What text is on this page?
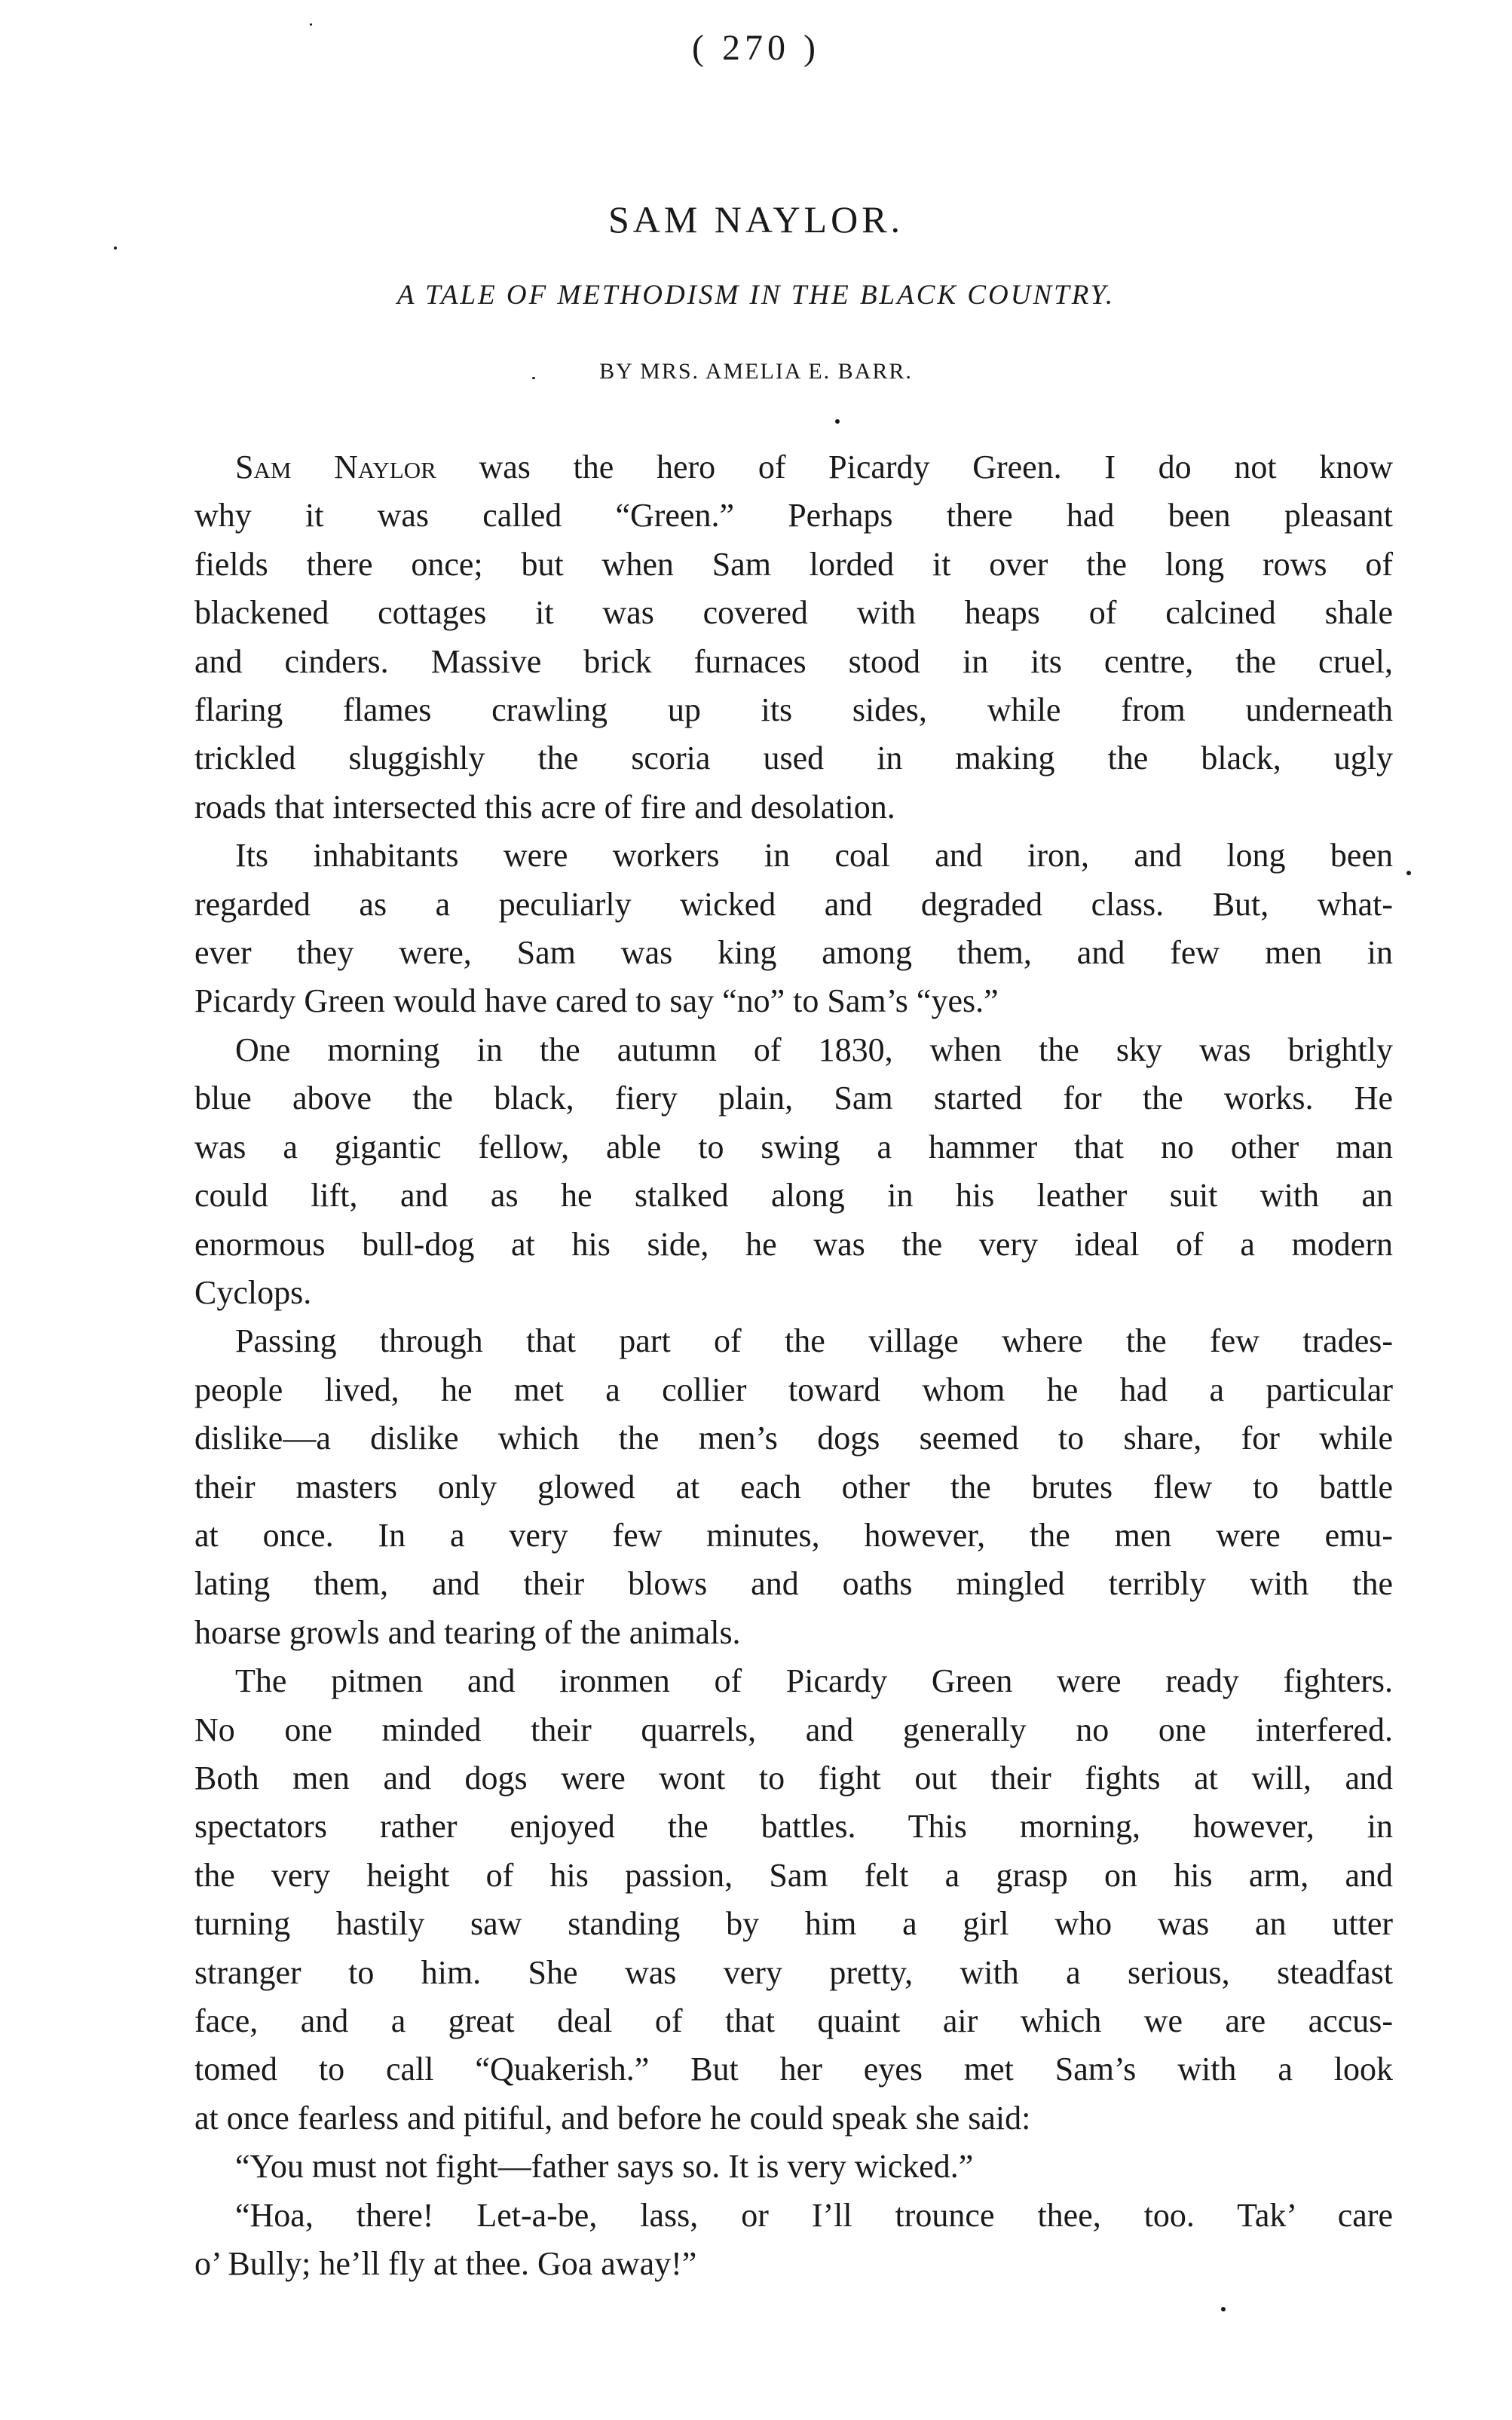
( 270 )
SAM NAYLOR.
A TALE OF METHODISM IN THE BLACK COUNTRY.
BY MRS. AMELIA E. BARR.
Sam Naylor was the hero of Picardy Green. I do not know
why it was called “Green.” Perhaps there had been pleasant
fields there once; but when Sam lorded it over the long rows of
blackened cottages it was covered with heaps of calcined shale
and cinders. Massive brick furnaces stood in its centre, the cruel,
flaring flames crawling up its sides, while from underneath
trickled sluggishly the scoria used in making the black, ugly
roads that intersected this acre of fire and desolation.
Its inhabitants were workers in coal and iron, and long been
regarded as a peculiarly wicked and degraded class. But, what-
ever they were, Sam was king among them, and few men in
Picardy Green would have cared to say “no” to Sam’s “yes.”
One morning in the autumn of 1830, when the sky was brightly
blue above the black, fiery plain, Sam started for the works. He
was a gigantic fellow, able to swing a hammer that no other man
could lift, and as he stalked along in his leather suit with an
enormous bull-dog at his side, he was the very ideal of a modern
Cyclops.
Passing through that part of the village where the few trades-
people lived, he met a collier toward whom he had a particular
dislike—a dislike which the men’s dogs seemed to share, for while
their masters only glowed at each other the brutes flew to battle
at once. In a very few minutes, however, the men were emu-
lating them, and their blows and oaths mingled terribly with the
hoarse growls and tearing of the animals.
The pitmen and ironmen of Picardy Green were ready fighters.
No one minded their quarrels, and generally no one interfered.
Both men and dogs were wont to fight out their fights at will, and
spectators rather enjoyed the battles. This morning, however, in
the very height of his passion, Sam felt a grasp on his arm, and
turning hastily saw standing by him a girl who was an utter
stranger to him. She was very pretty, with a serious, steadfast
face, and a great deal of that quaint air which we are accus-
tomed to call “Quakerish.” But her eyes met Sam’s with a look
at once fearless and pitiful, and before he could speak she said:
“You must not fight—father says so. It is very wicked.”
“Hoa, there! Let-a-be, lass, or I’ll trounce thee, too. Tak’ care
o’ Bully; he’ll fly at thee. Goa away!”
